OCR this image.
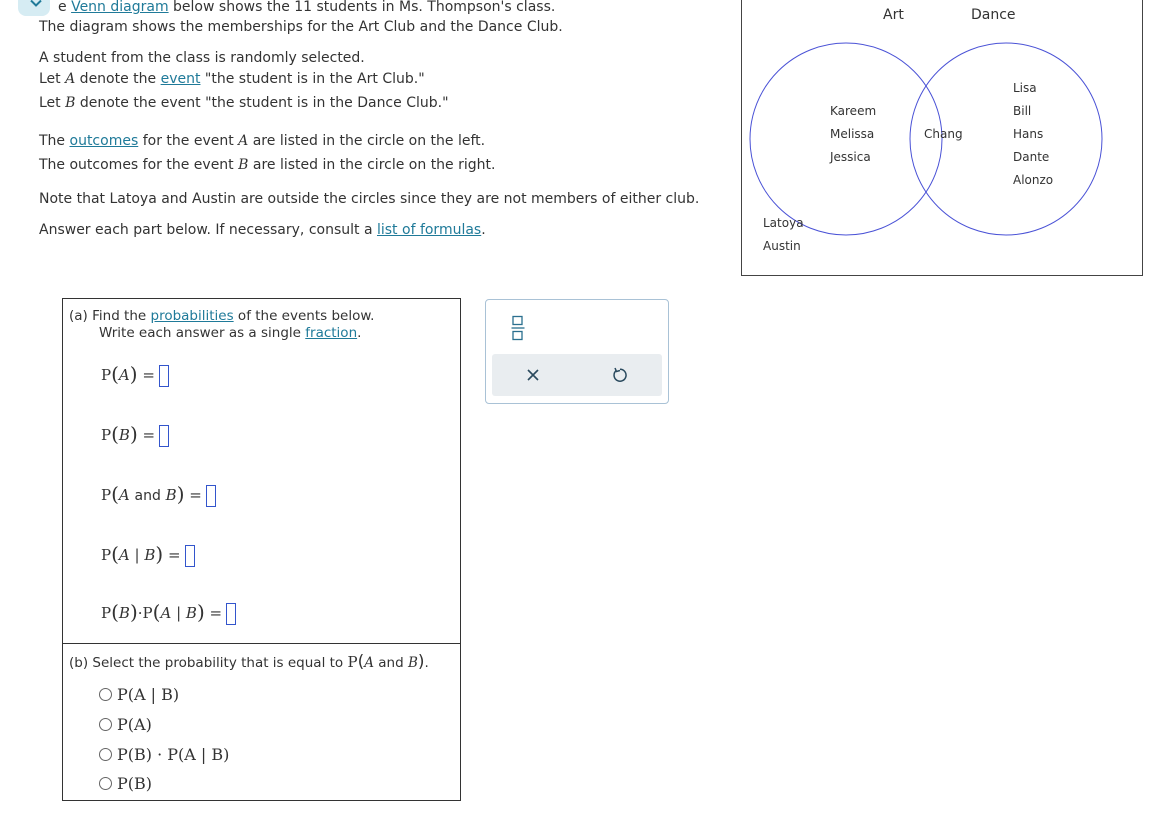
e Venn diagram below shows the 11 students in Ms. Thompson's class.
The diagram shows the memberships for the Art Club and the Dance Club.
A student from the class is randomly selected.
Let A denote the event "the student is in the Art Club."
Let B denote the event "the student is in the Dance Club."
The outcomes for the event A are listed in the circle on the left.
The outcomes for the event B are listed in the circle on the right.
Note that Latoya and Austin are outside the circles since they are not members of either club.
Answer each part below. If necessary, consult a list of formulas.
Art	Dance
Kareem
Melissa
Jessica
Chang
Lisa
Bill
Hans
Dante
Alonzo
Latoya
Austin
(a) Find the probabilities of the events below.
Write each answer as a single fraction.
P(A) =
P(B) =
P(A and B) =
P(A | B) =
P(B)·P(A | B) =
(b) Select the probability that is equal to P(A and B).
P(A | B)
P(A)
P(B) · P(A | B)
P(B)
